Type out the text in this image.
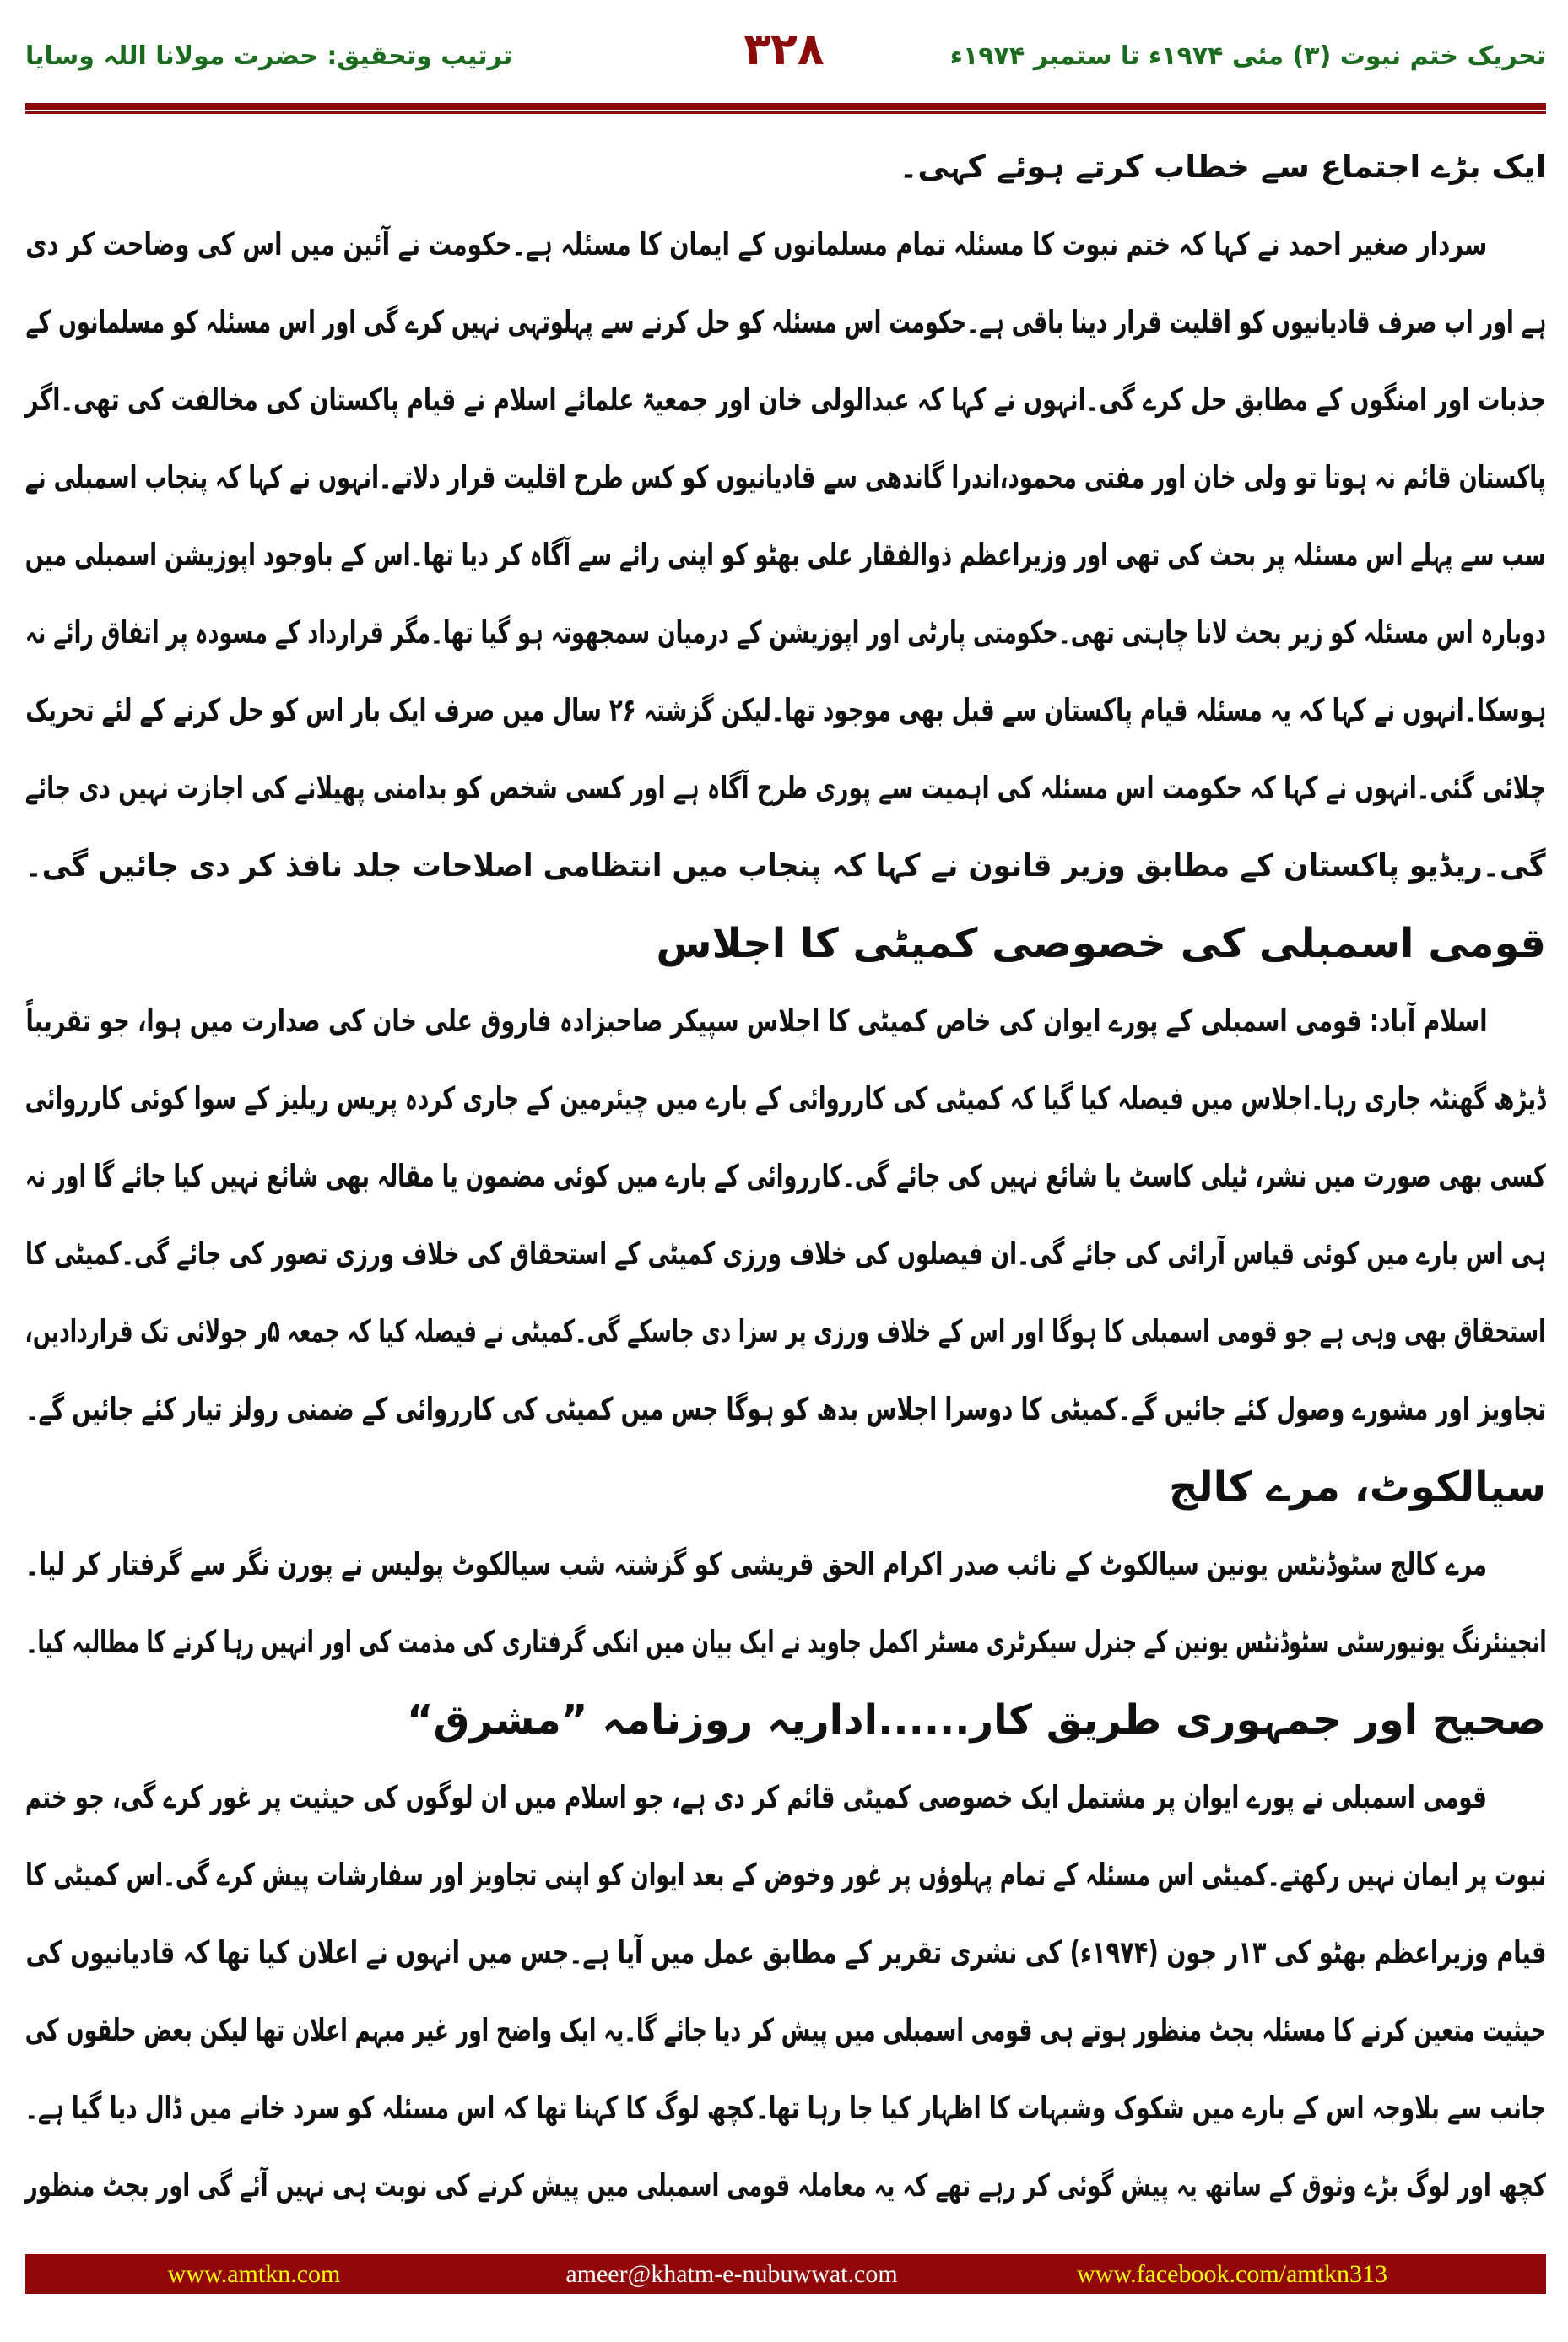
تحریک ختم نبوت (۳) مئی ۱۹۷۴ء تا ستمبر ۱۹۷۴ء
۳۲۸
ترتیب وتحقیق: حضرت مولانا اللہ وسایا
ایک بڑے اجتماع سے خطاب کرتے ہوئے کہی۔
سردار صغیر احمد نے کہا کہ ختم نبوت کا مسئلہ تمام مسلمانوں کے ایمان کا مسئلہ ہے۔حکومت نے آئین میں اس کی وضاحت کر دی
ہے اور اب صرف قادیانیوں کو اقلیت قرار دینا باقی ہے۔حکومت اس مسئلہ کو حل کرنے سے پہلوتہی نہیں کرے گی اور اس مسئلہ کو مسلمانوں کے
جذبات اور امنگوں کے مطابق حل کرے گی۔انہوں نے کہا کہ عبدالولی خان اور جمعیۃ علمائے اسلام نے قیام پاکستان کی مخالفت کی تھی۔اگر
پاکستان قائم نہ ہوتا تو ولی خان اور مفتی محمود،اندرا گاندھی سے قادیانیوں کو کس طرح اقلیت قرار دلاتے۔انہوں نے کہا کہ پنجاب اسمبلی نے
سب سے پہلے اس مسئلہ پر بحث کی تھی اور وزیراعظم ذوالفقار علی بھٹو کو اپنی رائے سے آگاہ کر دیا تھا۔اس کے باوجود اپوزیشن اسمبلی میں
دوبارہ اس مسئلہ کو زیر بحث لانا چاہتی تھی۔حکومتی پارٹی اور اپوزیشن کے درمیان سمجھوتہ ہو گیا تھا۔مگر قرارداد کے مسودہ پر اتفاق رائے نہ
ہوسکا۔انہوں نے کہا کہ یہ مسئلہ قیام پاکستان سے قبل بھی موجود تھا۔لیکن گزشتہ ۲۶ سال میں صرف ایک بار اس کو حل کرنے کے لئے تحریک
چلائی گئی۔انہوں نے کہا کہ حکومت اس مسئلہ کی اہمیت سے پوری طرح آگاہ ہے اور کسی شخص کو بدامنی پھیلانے کی اجازت نہیں دی جائے
گی۔ریڈیو پاکستان کے مطابق وزیر قانون نے کہا کہ پنجاب میں انتظامی اصلاحات جلد نافذ کر دی جائیں گی۔
قومی اسمبلی کی خصوصی کمیٹی کا اجلاس
اسلام آباد: قومی اسمبلی کے پورے ایوان کی خاص کمیٹی کا اجلاس سپیکر صاحبزادہ فاروق علی خان کی صدارت میں ہوا، جو تقریباً
ڈیڑھ گھنٹہ جاری رہا۔اجلاس میں فیصلہ کیا گیا کہ کمیٹی کی کارروائی کے بارے میں چیئرمین کے جاری کردہ پریس ریلیز کے سوا کوئی کارروائی
کسی بھی صورت میں نشر، ٹیلی کاسٹ یا شائع نہیں کی جائے گی۔کارروائی کے بارے میں کوئی مضمون یا مقالہ بھی شائع نہیں کیا جائے گا اور نہ
ہی اس بارے میں کوئی قیاس آرائی کی جائے گی۔ان فیصلوں کی خلاف ورزی کمیٹی کے استحقاق کی خلاف ورزی تصور کی جائے گی۔کمیٹی کا
استحقاق بھی وہی ہے جو قومی اسمبلی کا ہوگا اور اس کے خلاف ورزی پر سزا دی جاسکے گی۔کمیٹی نے فیصلہ کیا کہ جمعہ ۵ر جولائی تک قراردادیں،
تجاویز اور مشورے وصول کئے جائیں گے۔کمیٹی کا دوسرا اجلاس بدھ کو ہوگا جس میں کمیٹی کی کارروائی کے ضمنی رولز تیار کئے جائیں گے۔
سیالکوٹ، مرے کالج
مرے کالج سٹوڈنٹس یونین سیالکوٹ کے نائب صدر اکرام الحق قریشی کو گزشتہ شب سیالکوٹ پولیس نے پورن نگر سے گرفتار کر لیا۔
انجینئرنگ یونیورسٹی سٹوڈنٹس یونین کے جنرل سیکرٹری مسٹر اکمل جاوید نے ایک بیان میں انکی گرفتاری کی مذمت کی اور انہیں رہا کرنے کا مطالبہ کیا۔
صحیح اور جمہوری طریق کار......اداریہ روزنامہ ”مشرق“
قومی اسمبلی نے پورے ایوان پر مشتمل ایک خصوصی کمیٹی قائم کر دی ہے، جو اسلام میں ان لوگوں کی حیثیت پر غور کرے گی، جو ختم
نبوت پر ایمان نہیں رکھتے۔کمیٹی اس مسئلہ کے تمام پہلوؤں پر غور وخوض کے بعد ایوان کو اپنی تجاویز اور سفارشات پیش کرے گی۔اس کمیٹی کا
قیام وزیراعظم بھٹو کی ۱۳ر جون (۱۹۷۴ء) کی نشری تقریر کے مطابق عمل میں آیا ہے۔جس میں انہوں نے اعلان کیا تھا کہ قادیانیوں کی
حیثیت متعین کرنے کا مسئلہ بجٹ منظور ہوتے ہی قومی اسمبلی میں پیش کر دیا جائے گا۔یہ ایک واضح اور غیر مبہم اعلان تھا لیکن بعض حلقوں کی
جانب سے بلاوجہ اس کے بارے میں شکوک وشبہات کا اظہار کیا جا رہا تھا۔کچھ لوگ کا کہنا تھا کہ اس مسئلہ کو سرد خانے میں ڈال دیا گیا ہے۔
کچھ اور لوگ بڑے وثوق کے ساتھ یہ پیش گوئی کر رہے تھے کہ یہ معاملہ قومی اسمبلی میں پیش کرنے کی نوبت ہی نہیں آئے گی اور بجٹ منظور
www.amtkn.com	ameer@khatm-e-nubuwwat.com	www.facebook.com/amtkn313
